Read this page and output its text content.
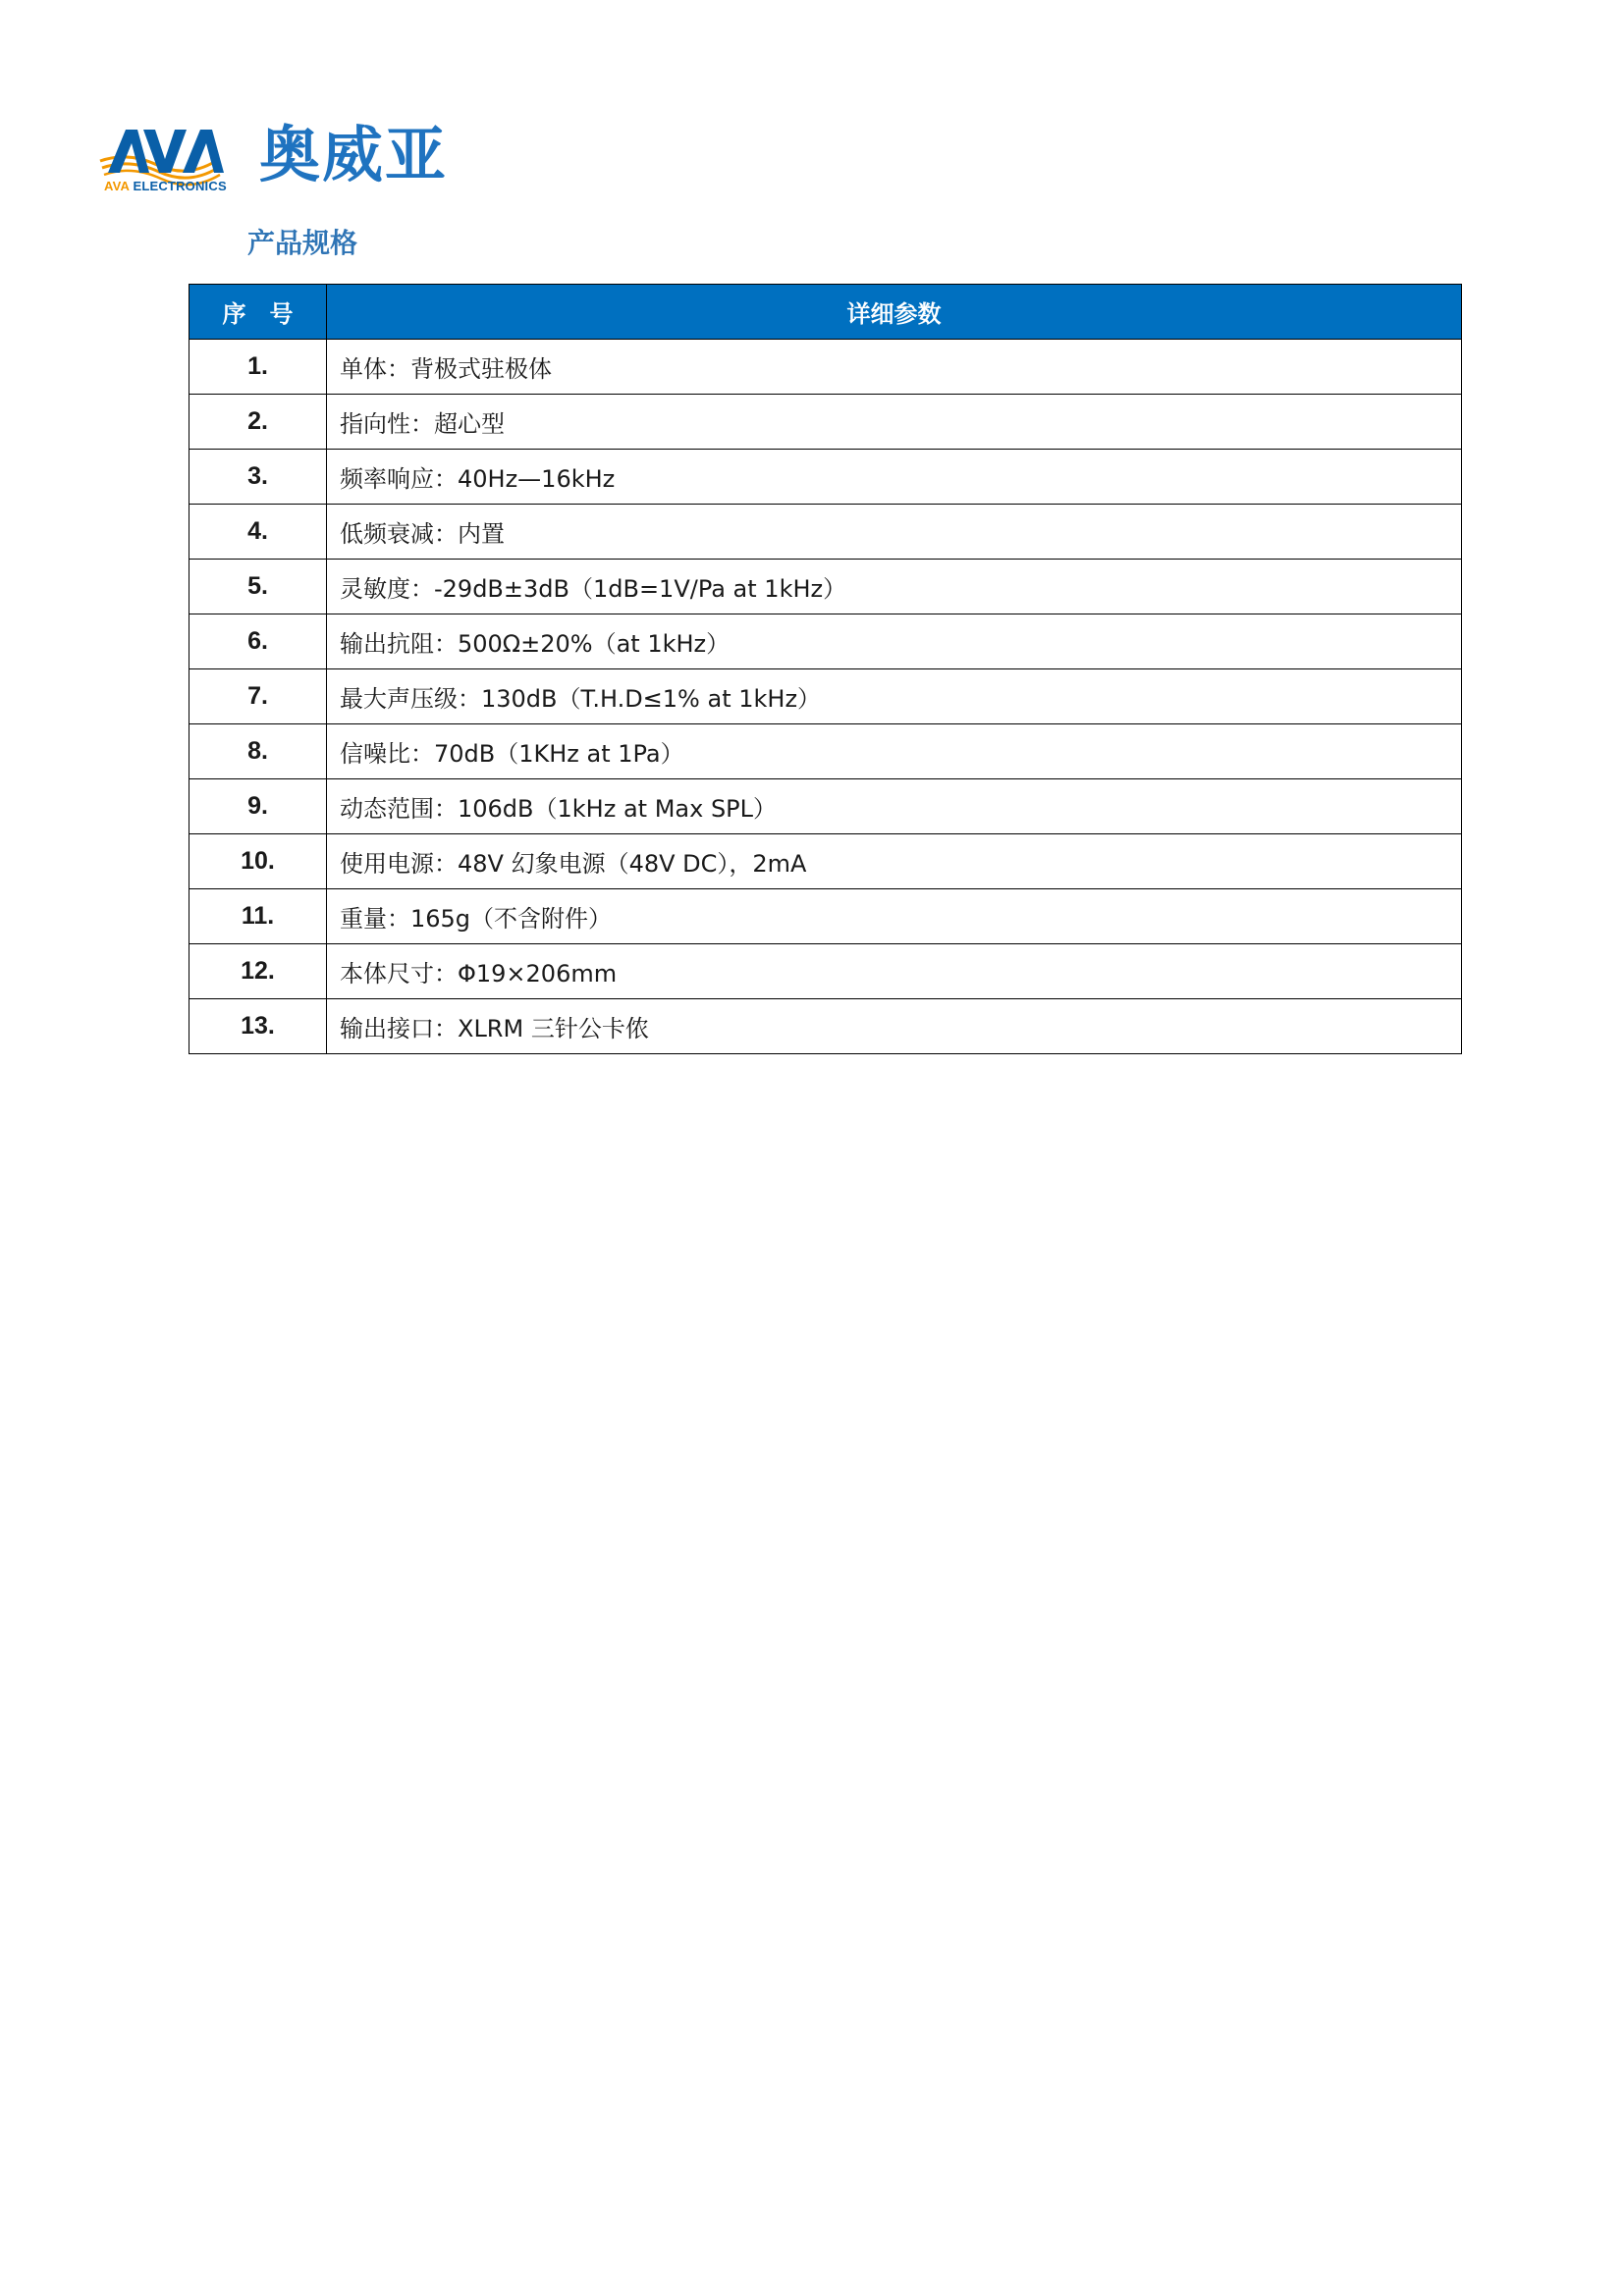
AVA ELECTRONICS 奥威亚
产品规格
序　号	详细参数
1.	单体：背极式驻极体
2.	指向性：超心型
3.	频率响应：40Hz—16kHz
4.	低频衰减：内置
5.	灵敏度：-29dB±3dB（1dB=1V/Pa at 1kHz）
6.	输出抗阻：500Ω±20%（at 1kHz）
7.	最大声压级：130dB（T.H.D≤1% at 1kHz）
8.	信噪比：70dB（1KHz at 1Pa）
9.	动态范围：106dB（1kHz at Max SPL）
10.	使用电源：48V 幻象电源（48V DC），2mA
11.	重量：165g（不含附件）
12.	本体尺寸：Φ19×206mm
13.	输出接口：XLRM 三针公卡侬
